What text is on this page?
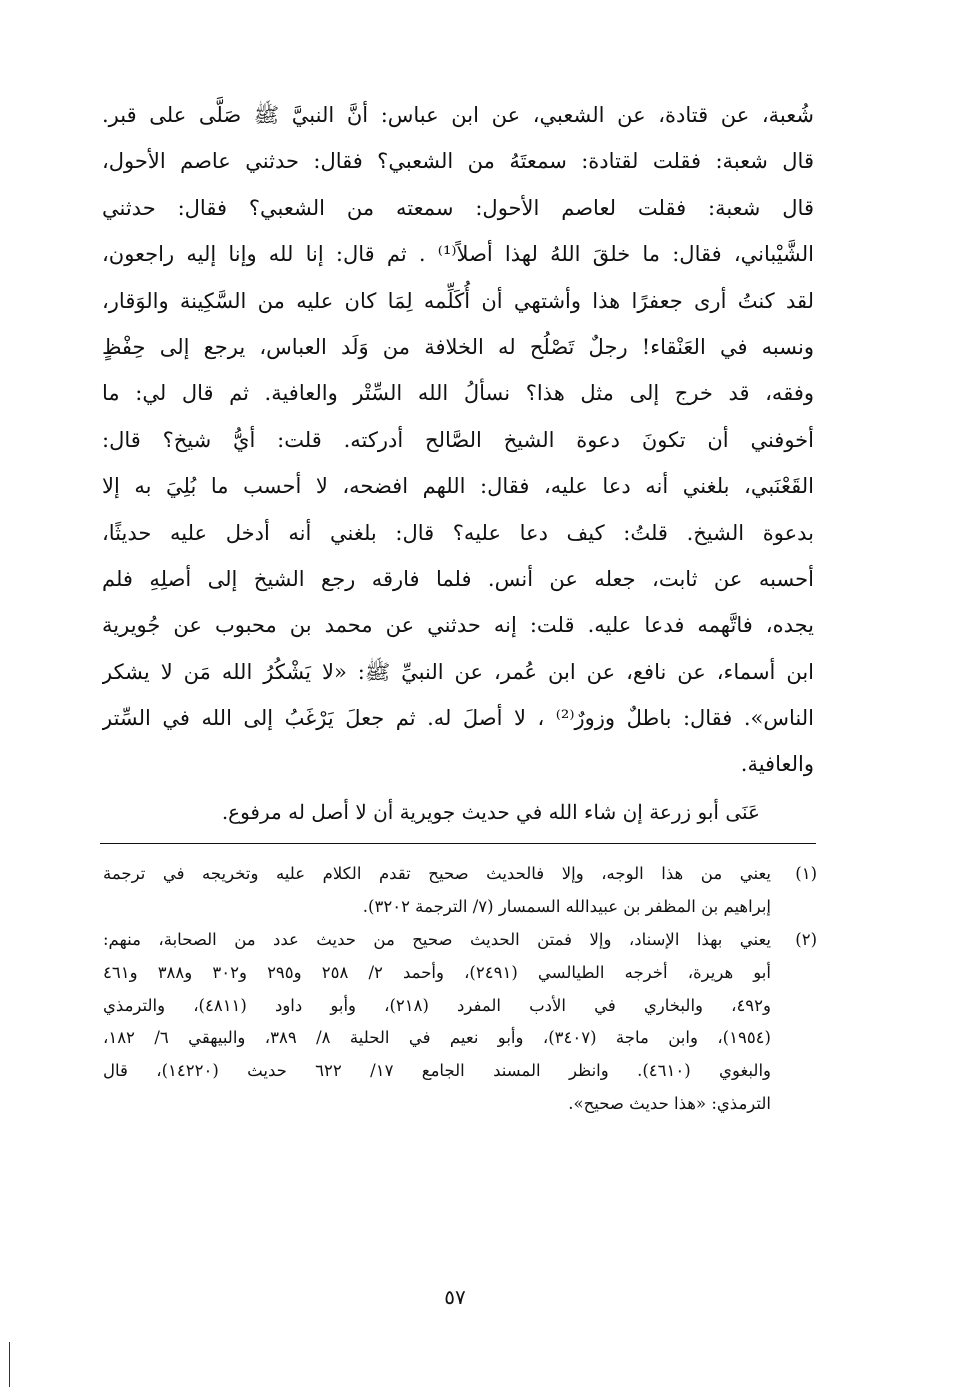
شُعبة، عن قتادة، عن الشعبي، عن ابن عباس: أنَّ النبيَّ ﷺ صَلَّى على قبر.
قال شعبة: فقلت لقتادة: سمعتَهُ من الشعبي؟ فقال: حدثني عاصم الأحول،
قال شعبة: فقلت لعاصم الأحول: سمعته من الشعبي؟ فقال: حدثني
الشَّيْباني، فقال: ما خلقَ اللهُ لهذا أصلاً⁽¹⁾ . ثم قال: إنا لله وإنا إليه راجعون،
لقد كنتُ أرى جعفرًا هذا وأشتهي أن أُكَلِّمه لِمَا كان عليه من السَّكِينة والوَقار،
ونسبه في العَنْقاء! رجلٌ تَصْلُح له الخلافة من وَلَد العباس، يرجع إلى حِفْظٍ
وفقه، قد خرج إلى مثل هذا؟ نسألُ الله السِّتْر والعافية. ثم قال لي: ما
أخوفني أن تكونَ دعوة الشيخ الصَّالح أدركته. قلت: أيُّ شيخ؟ قال:
القَعْنَبي، بلغني أنه دعا عليه، فقال: اللهم افضحه، لا أحسب ما بُلِيَ به إلا
بدعوة الشيخ. قلتُ: كيف دعا عليه؟ قال: بلغني أنه أدخل عليه حديثًا،
أحسبه عن ثابت، جعله عن أنس. فلما فارقه رجع الشيخ إلى أصلِهِ فلم
يجده، فاتَّهمه فدعا عليه. قلت: إنه حدثني عن محمد بن محبوب عن جُويرية
ابن أسماء، عن نافع، عن ابن عُمر، عن النبيِّ ﷺ: «لا يَشْكُرُ الله مَن لا يشكر
الناس». فقال: باطلٌ وزورٌ⁽²⁾ ، لا أصلَ له. ثم جعلَ يَرْغَبُ إلى الله في السِّتر
والعافية.
عَنَى أبو زرعة إن شاء الله في حديث جويرية أن لا أصل له مرفوع.
(١)
يعني من هذا الوجه، وإلا فالحديث صحيح تقدم الكلام عليه وتخريجه في ترجمة
إبراهيم بن المظفر بن عبيدالله السمسار (٧/ الترجمة ٣٢٠٢).
(٢)
يعني بهذا الإسناد، وإلا فمتن الحديث صحيح من حديث عدد من الصحابة، منهم:
أبو هريرة، أخرجه الطيالسي (٢٤٩١)، وأحمد ٢/ ٢٥٨ و٢٩٥ و٣٠٢ و٣٨٨ و٤٦١
و٤٩٢، والبخاري في الأدب المفرد (٢١٨)، وأبو داود (٤٨١١)، والترمذي
(١٩٥٤)، وابن ماجة (٣٤٠٧)، وأبو نعيم في الحلية ٨/ ٣٨٩، والبيهقي ٦/ ١٨٢،
والبغوي (٤٦١٠). وانظر المسند الجامع ١٧/ ٦٢٢ حديث (١٤٢٢٠)، قال
الترمذي: «هذا حديث صحيح».
٥٧
